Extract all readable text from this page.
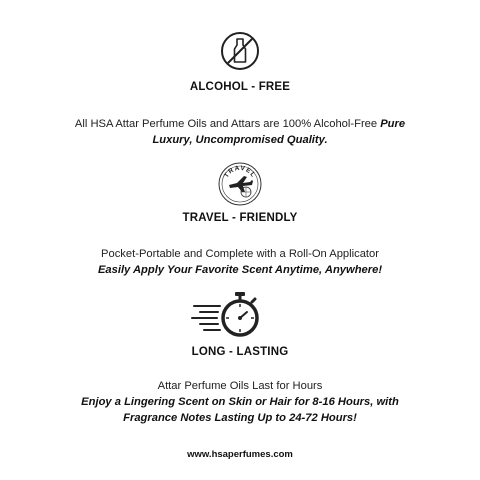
ALCOHOL - FREE
All HSA Attar Perfume Oils and Attars are 100% Alcohol-Free Pure
Luxury, Uncompromised Quality.
TRAVEL
TRAVEL - FRIENDLY
Pocket-Portable and Complete with a Roll-On Applicator
Easily Apply Your Favorite Scent Anytime, Anywhere!
LONG - LASTING
Attar Perfume Oils Last for Hours
Enjoy a Lingering Scent on Skin or Hair for 8-16 Hours, with
Fragrance Notes Lasting Up to 24-72 Hours!
www.hsaperfumes.com
